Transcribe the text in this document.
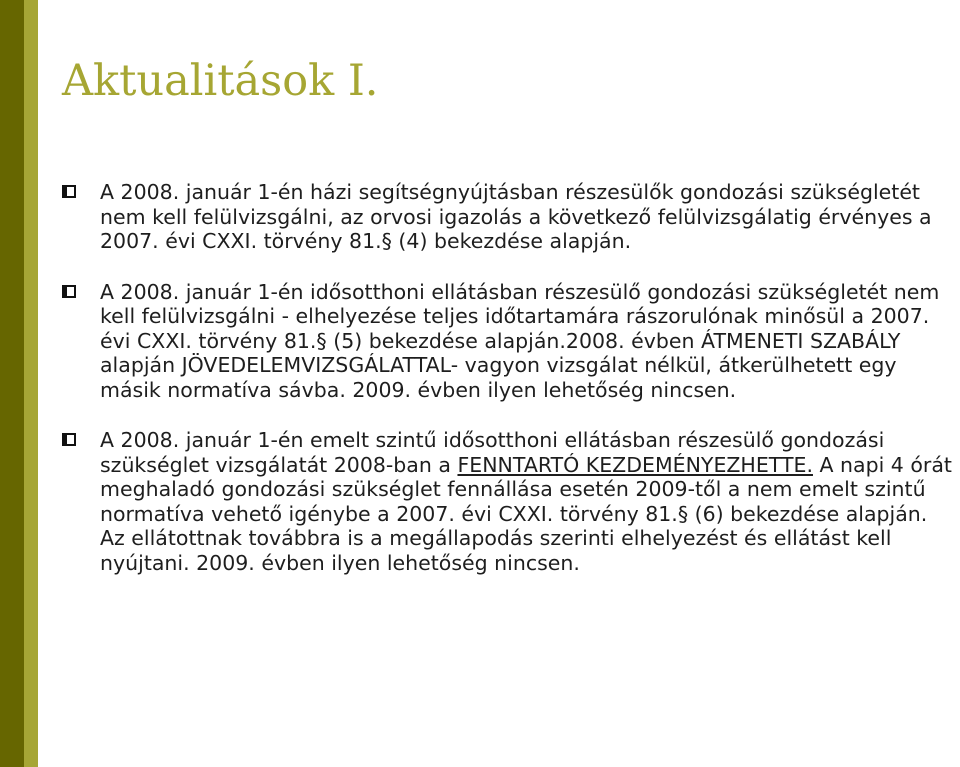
Aktualitások I.
A 2008. január 1-én házi segítségnyújtásban részesülők gondozási szükségletét nem kell felülvizsgálni, az orvosi igazolás a következő felülvizsgálatig érvényes a 2007. évi CXXI. törvény 81.§ (4) bekezdése alapján.
A 2008. január 1-én idősotthoni ellátásban részesülő gondozási szükségletét nem kell felülvizsgálni - elhelyezése teljes időtartamára rászorulónak minősül a 2007. évi CXXI. törvény 81.§ (5) bekezdése alapján.2008. évben ÁTMENETI SZABÁLY alapján JÖVEDELEMVIZSGÁLATTAL- vagyon vizsgálat nélkül, átkerülhetett egy másik normatíva sávba. 2009. évben ilyen lehetőség nincsen.
A 2008. január 1-én emelt szintű idősotthoni ellátásban részesülő gondozási szükséglet vizsgálatát 2008-ban a FENNTARTÓ KEZDEMÉNYEZHETTE. A napi 4 órát meghaladó gondozási szükséglet fennállása esetén 2009-től a nem emelt szintű normatíva vehető igénybe a 2007. évi CXXI. törvény 81.§ (6) bekezdése alapján. Az ellátottnak továbbra is a megállapodás szerinti elhelyezést és ellátást kell nyújtani. 2009. évben ilyen lehetőség nincsen.
